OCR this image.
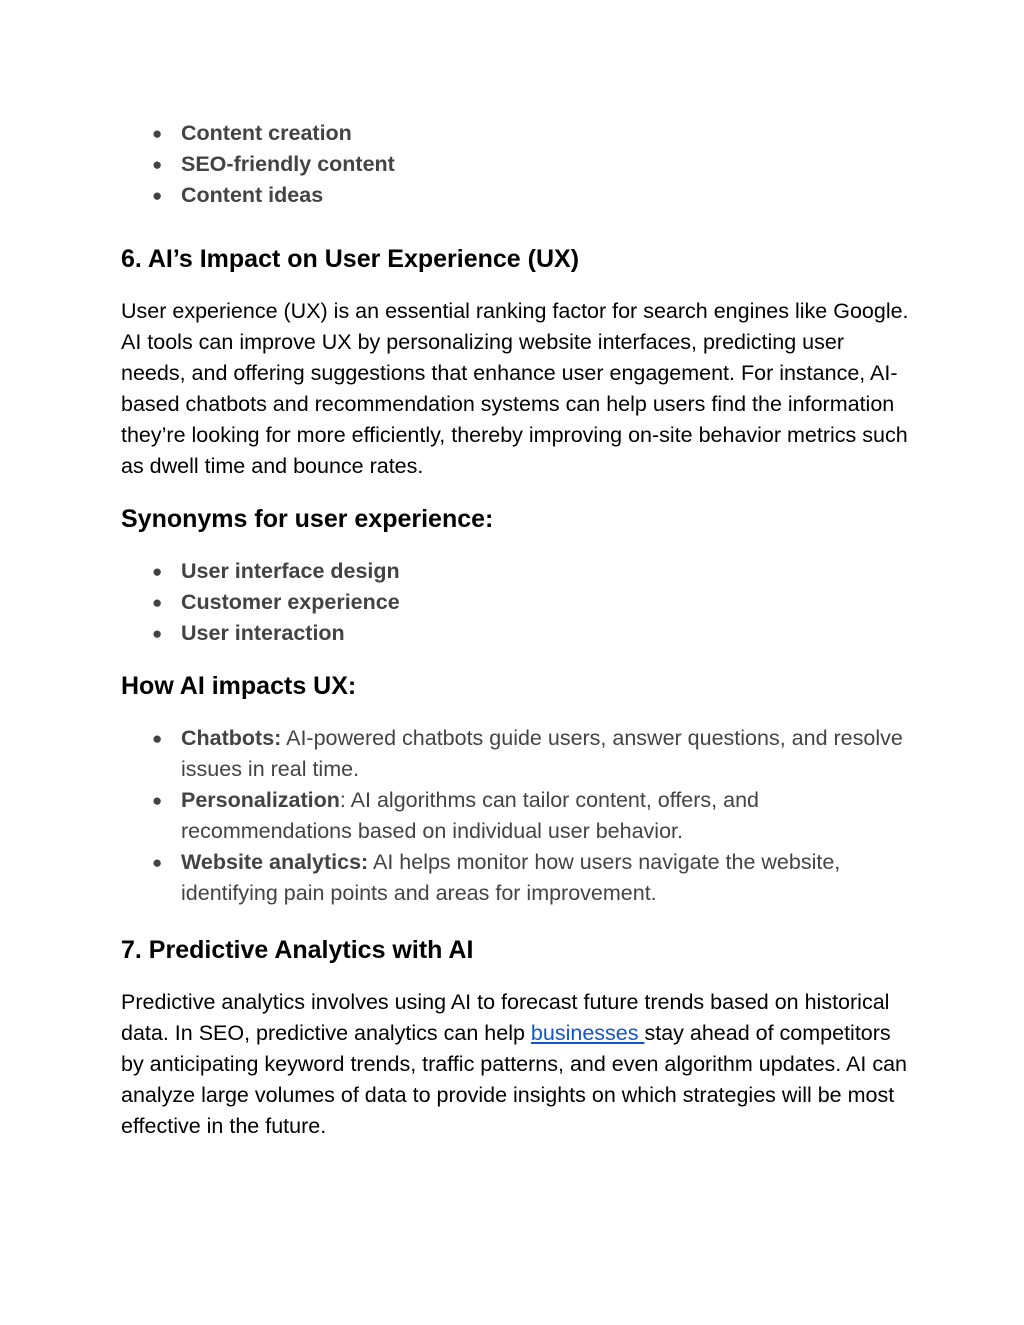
● Content creation
● SEO-friendly content
● Content ideas
6. AI’s Impact on User Experience (UX)

User experience (UX) is an essential ranking factor for search engines like Google. AI tools can improve UX by personalizing website interfaces, predicting user needs, and offering suggestions that enhance user engagement. For instance, AI-based chatbots and recommendation systems can help users find the information they’re looking for more efficiently, thereby improving on-site behavior metrics such as dwell time and bounce rates.

Synonyms for user experience:
● User interface design
● Customer experience
● User interaction
How AI impacts UX:
● Chatbots: AI-powered chatbots guide users, answer questions, and resolve issues in real time.
● Personalization: AI algorithms can tailor content, offers, and recommendations based on individual user behavior.
● Website analytics: AI helps monitor how users navigate the website, identifying pain points and areas for improvement.
7. Predictive Analytics with AI

Predictive analytics involves using AI to forecast future trends based on historical data. In SEO, predictive analytics can help businesses stay ahead of competitors by anticipating keyword trends, traffic patterns, and even algorithm updates. AI can analyze large volumes of data to provide insights on which strategies will be most effective in the future.
